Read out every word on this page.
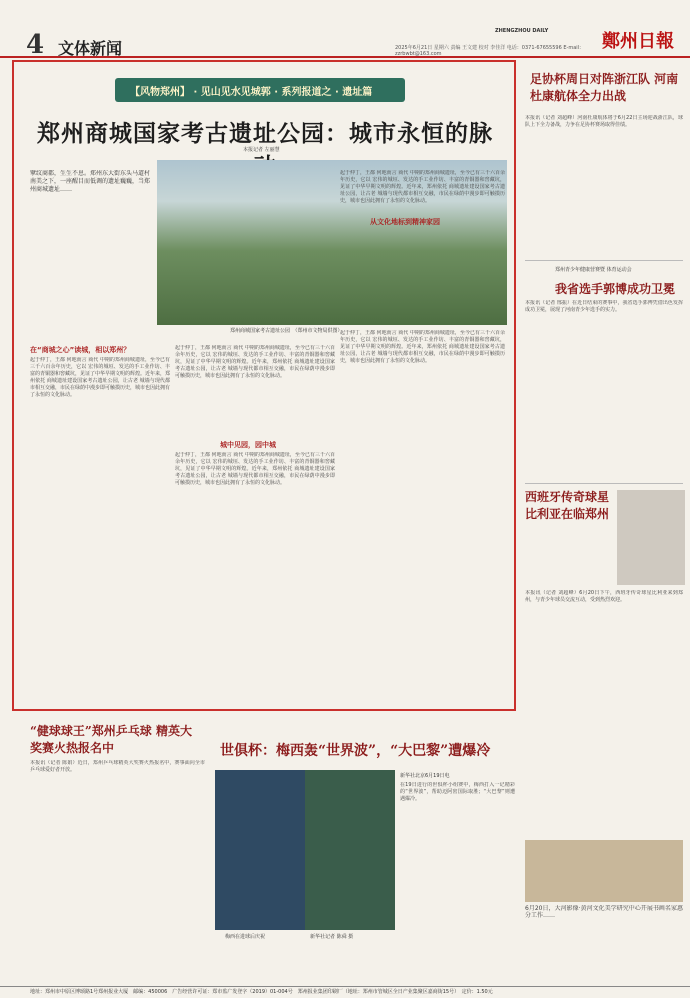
4 文体新闻
ZHENGZHOU DAILY
2025年6月21日 星期六 责编 王文建 校对 李佳洋 电话：0371-67655596 E-mail：zzrbwbt@163.com
鄭州日報
【风物郑州】 · 见山见水见城郭 · 系列报道之 · 遗址篇
郑州商城国家考古遗址公园：城市永恒的脉
本报记者 左丽慧
擘纹商都，生生不息。郑州东大街东头马道村南美之下，一座醒目而低调的遗址巍巍，当郑州商城遗址……
郑州商城国家考古遗址公园　（郑州市文物局供图）
在“商城之心”读城，相以郑州？
起于仲丁，王都 何地而言 商代 中期的郑州商城遗址，至今已有三千六百余年历史，它以 宏伟的城垣、发达的手工业作坊、丰富的青铜器和窖藏坑，见证了中华早期文明的辉煌。近年来，郑州依托 商城遗址建设国家考古遗址公园，让古老 城墙与现代都市相互交融，市民在绿荫中漫步即可触摸历史，城市也因此拥有了永恒的文化脉动。
起于仲丁，王都 何地而言 商代 中期的郑州商城遗址，至今已有三千六百余年历史，它以 宏伟的城垣、发达的手工业作坊、丰富的青铜器和窖藏坑，见证了中华早期文明的辉煌。近年来，郑州依托 商城遗址建设国家考古遗址公园，让古老 城墙与现代都市相互交融，市民在绿荫中漫步即可触摸历史，城市也因此拥有了永恒的文化脉动。
城中见园，园中城
起于仲丁，王都 何地而言 商代 中期的郑州商城遗址，至今已有三千六百余年历史，它以 宏伟的城垣、发达的手工业作坊、丰富的青铜器和窖藏坑，见证了中华早期文明的辉煌。近年来，郑州依托 商城遗址建设国家考古遗址公园，让古老 城墙与现代都市相互交融，市民在绿荫中漫步即可触摸历史，城市也因此拥有了永恒的文化脉动。
起于仲丁，王都 何地而言 商代 中期的郑州商城遗址，至今已有三千六百余年历史，它以 宏伟的城垣、发达的手工业作坊、丰富的青铜器和窖藏坑，见证了中华早期文明的辉煌。近年来，郑州依托 商城遗址建设国家考古遗址公园，让古老 城墙与现代都市相互交融，市民在绿荫中漫步即可触摸历史，城市也因此拥有了永恒的文化脉动。
从文化地标到精神家园
起于仲丁，王都 何地而言 商代 中期的郑州商城遗址，至今已有三千六百余年历史，它以 宏伟的城垣、发达的手工业作坊、丰富的青铜器和窖藏坑，见证了中华早期文明的辉煌。近年来，郑州依托 商城遗址建设国家考古遗址公园，让古老 城墙与现代都市相互交融，市民在绿荫中漫步即可触摸历史，城市也因此拥有了永恒的文化脉动。
足协杯周日对阵浙江队 河南杜康航体全力出战
本报讯（记者 刘超峰）河南杜康航体将于6月22日主场迎战浙江队，球队上下全力备战，力争在足协杯赛场取得佳绩。
郑州青少年健康营赛暨 体育运动会
我省选手郭博成功卫冕
本报讯（记者 邢振）在近日结束的赛事中，我省选手郭博凭借出色发挥成功卫冕，展现了河南青少年选手的实力。
西班牙传奇球星 比利亚在临郑州
本报讯（记者 刘超峰）6月20日下午，西班牙传奇球星比利亚来到郑州，与青少年球员交流互动，受到热烈欢迎。
“健球球王”郑州乒乓球 精英大奖赛火热报名中
本报讯（记者 陈娟）近日，郑州乒乓球精英大奖赛火热报名中，赛事面向全市乒乓球爱好者开放。
世俱杯：梅西轰“世界波”，“大巴黎”遭爆冷
梅西在进球后庆祝	新华社记者 陈舜 摄
新华社北京6月19日电
在19日进行的世俱杯小组赛中，梅西打入一记精彩的“世界波”，帮助迈阿密国际取胜；“大巴黎”则遭遇爆冷。
6月20日，大河影像·黄河文化美学研究中心开展书画名家惠分工作……
地址：郑州市中原区博颂路1号郑州报业大厦　邮编：450006　广告经营许可证：郑市监广发登字（2019）01-004号　郑州报业集团印刷厂（地址：郑州市管城区全日产业集聚区嘉商街15号）　定价：1.50元
